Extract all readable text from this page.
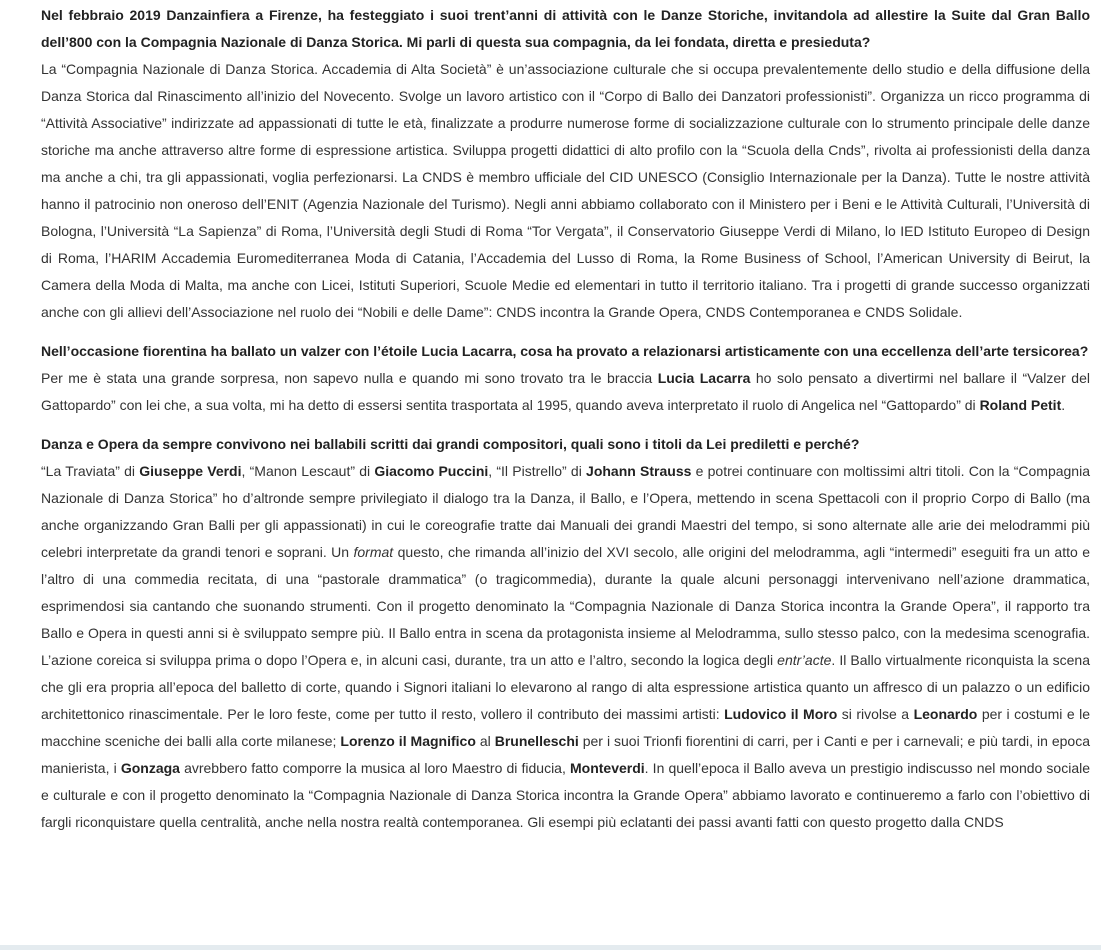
Nel febbraio 2019 Danzainfiera a Firenze, ha festeggiato i suoi trent’anni di attività con le Danze Storiche, invitandola ad allestire la Suite dal Gran Ballo dell’800 con la Compagnia Nazionale di Danza Storica. Mi parli di questa sua compagnia, da lei fondata, diretta e presieduta?

La “Compagnia Nazionale di Danza Storica. Accademia di Alta Società” è un’associazione culturale che si occupa prevalentemente dello studio e della diffusione della Danza Storica dal Rinascimento all’inizio del Novecento. Svolge un lavoro artistico con il “Corpo di Ballo dei Danzatori professionisti”. Organizza un ricco programma di “Attività Associative” indirizzate ad appassionati di tutte le età, finalizzate a produrre numerose forme di socializzazione culturale con lo strumento principale delle danze storiche ma anche attraverso altre forme di espressione artistica. Sviluppa progetti didattici di alto profilo con la “Scuola della Cnds”, rivolta ai professionisti della danza ma anche a chi, tra gli appassionati, voglia perfezionarsi. La CNDS è membro ufficiale del CID UNESCO (Consiglio Internazionale per la Danza). Tutte le nostre attività hanno il patrocinio non oneroso dell’ENIT (Agenzia Nazionale del Turismo). Negli anni abbiamo collaborato con il Ministero per i Beni e le Attività Culturali, l’Università di Bologna, l’Università “La Sapienza” di Roma, l’Università degli Studi di Roma “Tor Vergata”, il Conservatorio Giuseppe Verdi di Milano, lo IED Istituto Europeo di Design di Roma, l’HARIM Accademia Euromediterranea Moda di Catania, l’Accademia del Lusso di Roma, la Rome Business of School, l’American University di Beirut, la Camera della Moda di Malta, ma anche con Licei, Istituti Superiori, Scuole Medie ed elementari in tutto il territorio italiano. Tra i progetti di grande successo organizzati anche con gli allievi dell’Associazione nel ruolo dei “Nobili e delle Dame”: CNDS incontra la Grande Opera, CNDS Contemporanea e CNDS Solidale.

Nell’occasione fiorentina ha ballato un valzer con l’étoile Lucia Lacarra, cosa ha provato a relazionarsi artisticamente con una eccellenza dell’arte tersicorea?

Per me è stata una grande sorpresa, non sapevo nulla e quando mi sono trovato tra le braccia Lucia Lacarra ho solo pensato a divertirmi nel ballare il “Valzer del Gattopardo” con lei che, a sua volta, mi ha detto di essersi sentita trasportata al 1995, quando aveva interpretato il ruolo di Angelica nel “Gattopardo” di Roland Petit.

Danza e Opera da sempre convivono nei ballabili scritti dai grandi compositori, quali sono i titoli da Lei prediletti e perché?

“La Traviata” di Giuseppe Verdi, “Manon Lescaut” di Giacomo Puccini, “Il Pistrello” di Johann Strauss e potrei continuare con moltissimi altri titoli. Con la “Compagnia Nazionale di Danza Storica” ho d’altronde sempre privilegiato il dialogo tra la Danza, il Ballo, e l’Opera, mettendo in scena Spettacoli con il proprio Corpo di Ballo (ma anche organizzando Gran Balli per gli appassionati) in cui le coreografie tratte dai Manuali dei grandi Maestri del tempo, si sono alternate alle arie dei melodrammi più celebri interpretate da grandi tenori e soprani. Un format questo, che rimanda all’inizio del XVI secolo, alle origini del melodramma, agli “intermedi” eseguiti fra un atto e l’altro di una commedia recitata, di una “pastorale drammatica” (o tragicommedia), durante la quale alcuni personaggi intervenivano nell’azione drammatica, esprimendosi sia cantando che suonando strumenti. Con il progetto denominato la “Compagnia Nazionale di Danza Storica incontra la Grande Opera”, il rapporto tra Ballo e Opera in questi anni si è sviluppato sempre più. Il Ballo entra in scena da protagonista insieme al Melodramma, sullo stesso palco, con la medesima scenografia. L’azione coreica si sviluppa prima o dopo l’Opera e, in alcuni casi, durante, tra un atto e l’altro, secondo la logica degli entr’acte. Il Ballo virtualmente riconquista la scena che gli era propria all’epoca del balletto di corte, quando i Signori italiani lo elevarono al rango di alta espressione artistica quanto un affresco di un palazzo o un edificio architettonico rinascimentale. Per le loro feste, come per tutto il resto, vollero il contributo dei massimi artisti: Ludovico il Moro si rivolse a Leonardo per i costumi e le macchine sceniche dei balli alla corte milanese; Lorenzo il Magnifico al Brunelleschi per i suoi Trionfi fiorentini di carri, per i Canti e per i carnevali; e più tardi, in epoca manierista, i Gonzaga avrebbero fatto comporre la musica al loro Maestro di fiducia, Monteverdi. In quell’epoca il Ballo aveva un prestigio indiscusso nel mondo sociale e culturale e con il progetto denominato la “Compagnia Nazionale di Danza Storica incontra la Grande Opera” abbiamo lavorato e continueremo a farlo con l’obiettivo di fargli riconquistare quella centralità, anche nella nostra realtà contemporanea. Gli esempi più eclatanti dei passi avanti fatti con questo progetto dalla CNDS
